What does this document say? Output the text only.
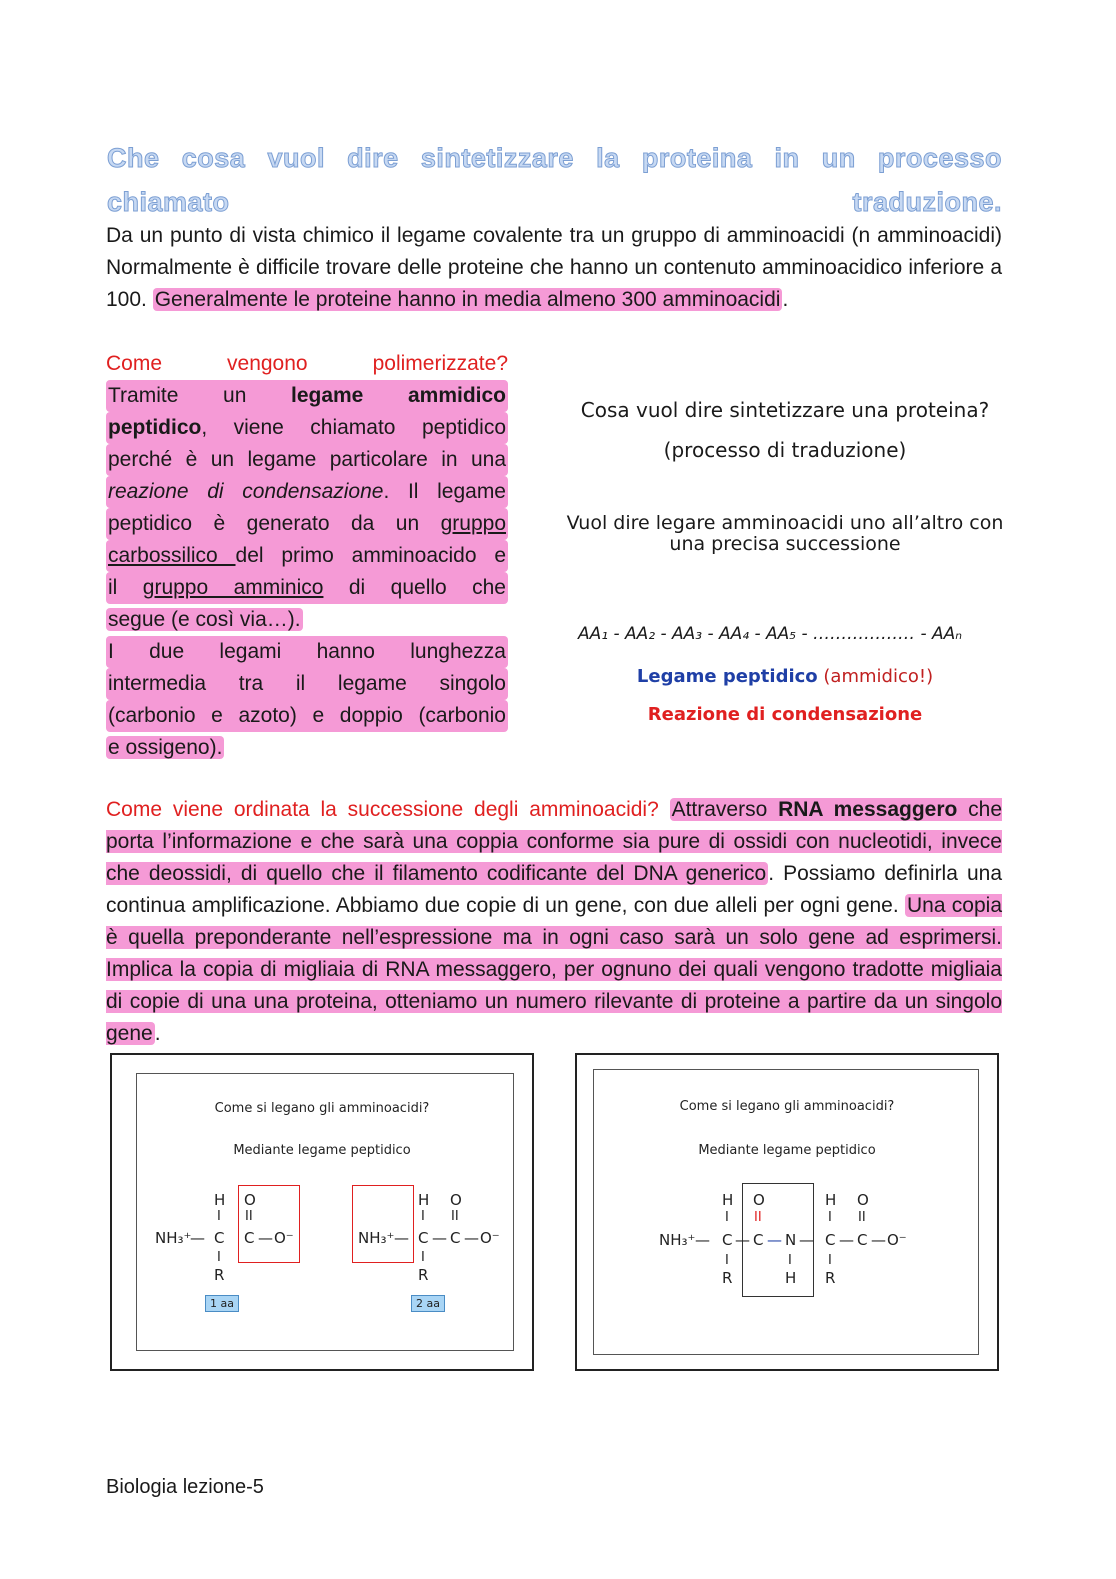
Che cosa vuol dire sintetizzare la proteina in un processo chiamato traduzione.
Da un punto di vista chimico il legame covalente tra un gruppo di amminoacidi (n amminoacidi) Normalmente è difficile trovare delle proteine che hanno un contenuto amminoacidico inferiore a 100. Generalmente le proteine hanno in media almeno 300 amminoacidi.
Come vengono polimerizzate?
Tramite un legame ammidico
peptidico, viene chiamato peptidico
perché è un legame particolare in una
reazione di condensazione. Il legame
peptidico è generato da un gruppo
carbossilico del primo amminoacido e
il gruppo amminico di quello che
segue (e così via…).
I due legami hanno lunghezza
intermedia tra il legame singolo
(carbonio e azoto) e doppio (carbonio
e ossigeno).
Cosa vuol dire sintetizzare una proteina?
(processo di traduzione)
Vuol dire legare amminoacidi uno all’altro con
una precisa successione
AA₁ - AA₂ - AA₃ - AA₄ - AA₅ - ……………… - AAₙ
Legame peptidico (ammidico!)
Reazione di condensazione
Come viene ordinata la successione degli amminoacidi? Attraverso RNA messaggero che porta l’informazione e che sarà una coppia conforme sia pure di ossidi con nucleotidi, invece che deossidi, di quello che il filamento codificante del DNA generico. Possiamo definirla una continua amplificazione. Abbiamo due copie di un gene, con due alleli per ogni gene. Una copia è quella preponderante nell’espressione ma in ogni caso sarà un solo gene ad esprimersi. Implica la copia di migliaia di RNA messaggero, per ognuno dei quali vengono tradotte migliaia di copie di una una proteina, otteniamo un numero rilevante di proteine a partire da un singolo gene.
Come si legano gli amminoacidi?
Mediante legame peptidico
NH₃⁺
—
H
I
C
I
R
O
II
C — O⁻
1 aa
NH₃⁺ —
H
I
C
I
R
—
O
II
C — O⁻
2 aa
Come si legano gli amminoacidi?
Mediante legame peptidico
NH₃⁺ —
H
I
C
I
R
—
O
II
C — N
I
H
—
H
I
C
I
R
—
O
II
C — O⁻
Biologia lezione-5
